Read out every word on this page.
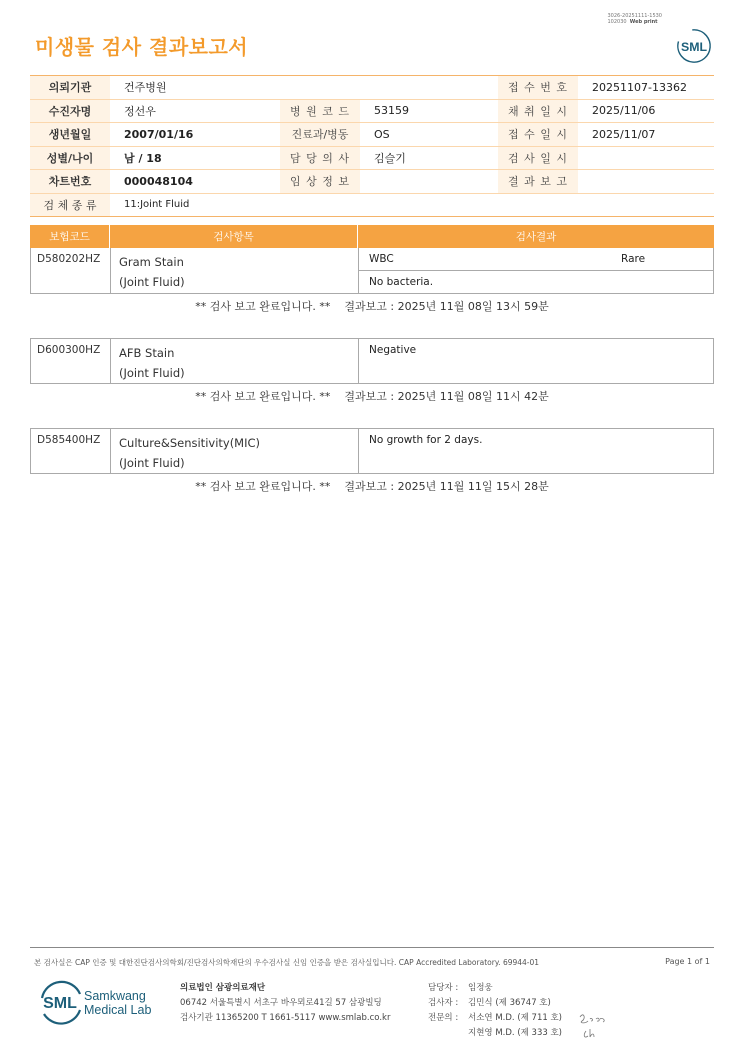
3026-20251111-1530
102030 Web print
미생물 검사 결과보고서	SML
의뢰기관	건주병원			접 수 번 호	20251107-13362
수진자명	정선우	병 원 코 드	53159	채 취 일 시	2025/11/06
생년월일	2007/01/16	진료과/병동	OS	접 수 일 시	2025/11/07
성별/나이	남 / 18	담 당 의 사	김슬기	검 사 일 시	
차트번호	000048104	임 상 정 보		결 과 보 고	
검 체 종 류	11:Joint Fluid				
보험코드	검사항목	검사결과
D580202HZ	Gram Stain
(Joint Fluid)
WBC	Rare
No bacteria.
** 검사 보고 완료입니다. ** 결과보고 : 2025년 11월 08일 13시 59분
D600300HZ	AFB Stain
(Joint Fluid)
Negative
** 검사 보고 완료입니다. ** 결과보고 : 2025년 11월 08일 11시 42분
D585400HZ	Culture&Sensitivity(MIC)
(Joint Fluid)
No growth for 2 days.
** 검사 보고 완료입니다. ** 결과보고 : 2025년 11월 11일 15시 28분
본 검사실은 CAP 인증 및 대한진단검사의학회/진단검사의학재단의 우수검사실 신임 인증을 받은 검사실입니다. CAP Accredited Laboratory. 69944-01	Page 1 of 1
SML Samkwang
Medical Lab
의료법인 삼광의료재단
06742 서울특별시 서초구 바우뫼로41길 57 삼광빌딩
검사기관 11365200 T 1661-5117 www.smlab.co.kr
담당자 :	임정웅
검사자 :	김민식 (제 36747 호)
전문의 :	서소연 M.D. (제 711 호)
지현영 M.D. (제 333 호)
